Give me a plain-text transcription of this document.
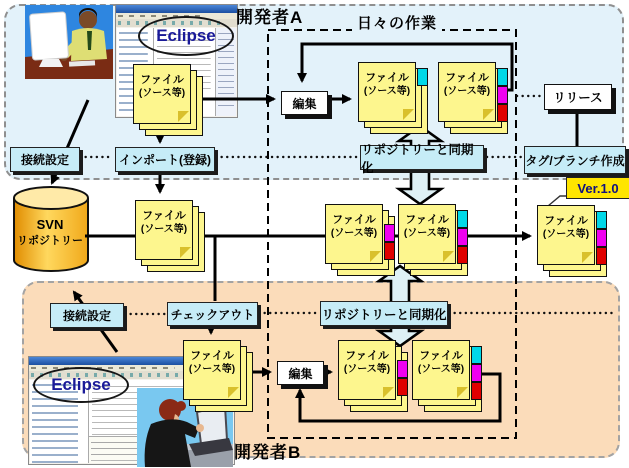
SVN
リポジトリー
接続設定	インポート(登録)
編集
リポジトリーと同期化
リリース
タグ/ブランチ作成
Ver.1.0
接続設定	チェックアウト	リポジトリーと同期化
編集
ファイル
(ソース等)
ファイル
(ソース等)
ファイル
(ソース等)
ファイル
(ソース等)
ファイル
(ソース等)
ファイル
(ソース等)
ファイル
(ソース等)
ファイル
(ソース等)
ファイル
(ソース等)
ファイル
(ソース等)
開発者A	日々の作業
開発者B
Eclipse
Eclipse
